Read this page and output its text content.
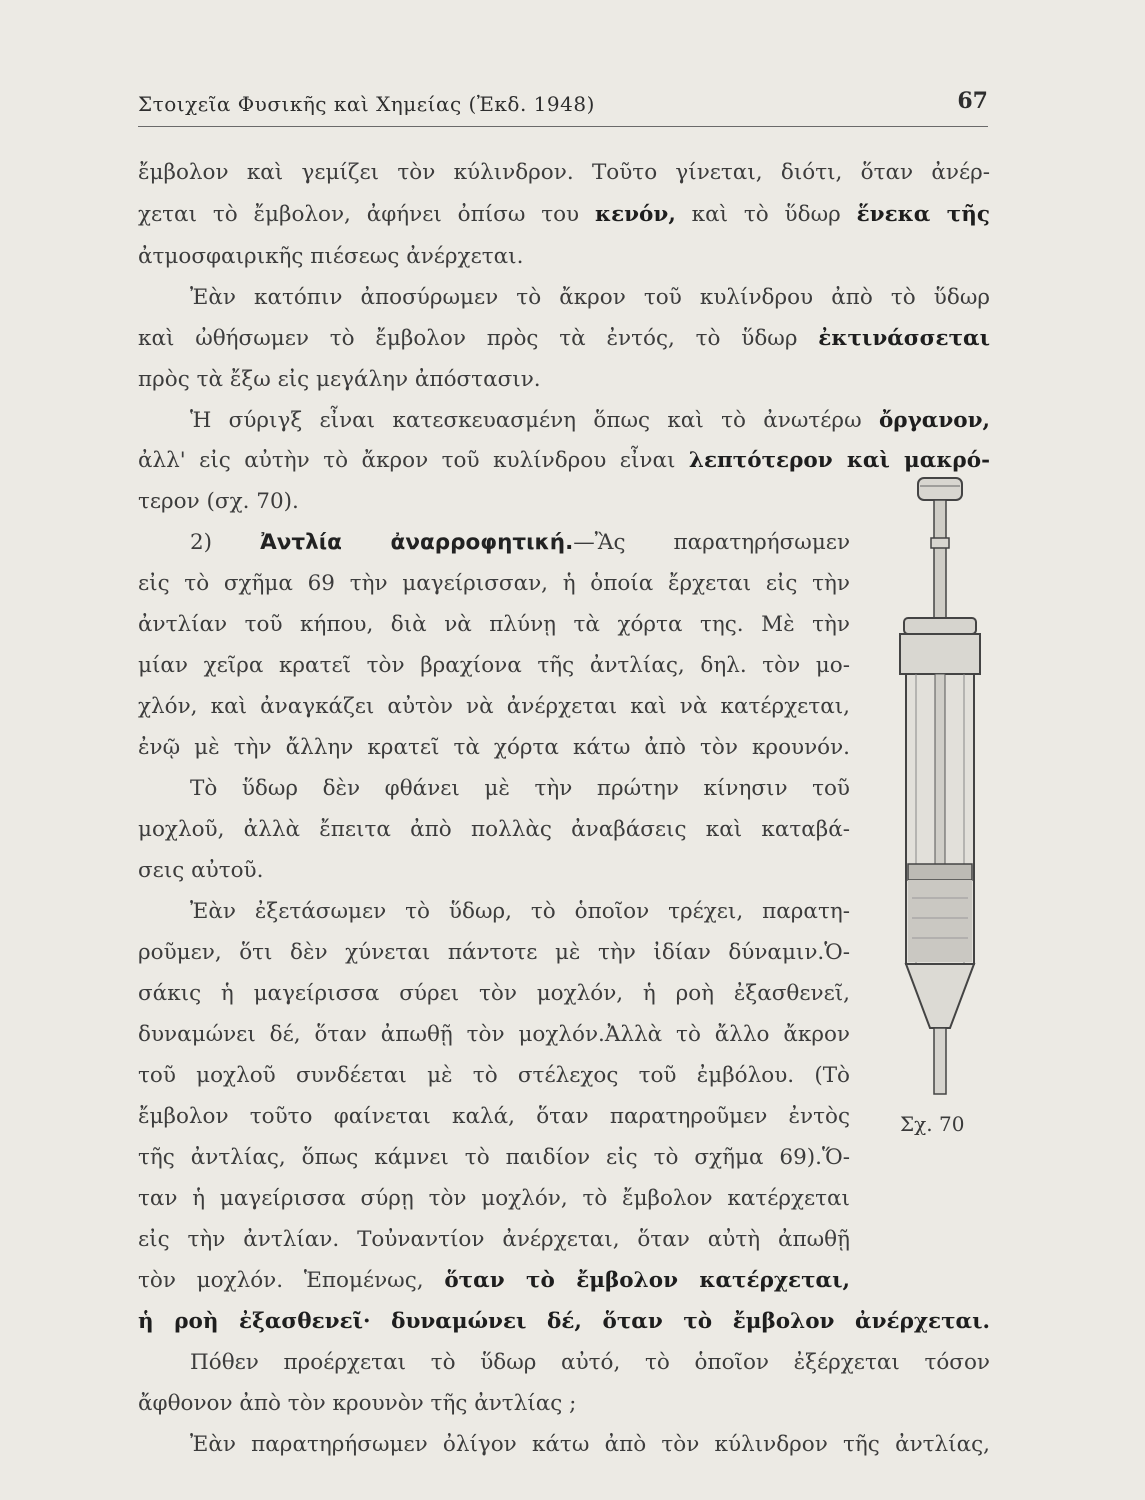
Στοιχεῖα Φυσικῆς καὶ Χημείας (Ἐκδ. 1948)	67
ἔμβολον καὶ γεμίζει τὸν κύλινδρον. Τοῦτο γίνεται, διότι, ὅταν ἀνέρ-
χεται τὸ ἔμβολον, ἀφήνει ὀπίσω του κενόν, καὶ τὸ ὕδωρ ἕνεκα τῆς
ἀτμοσφαιρικῆς πιέσεως ἀνέρχεται.
Ἐὰν κατόπιν ἀποσύρωμεν τὸ ἄκρον τοῦ κυλίνδρου ἀπὸ τὸ ὕδωρ
καὶ ὠθήσωμεν τὸ ἔμβολον πρὸς τὰ ἐντός, τὸ ὕδωρ ἐκτινάσσεται
πρὸς τὰ ἔξω εἰς μεγάλην ἀπόστασιν.
Ἡ σύριγξ εἶναι κατεσκευασμένη ὅπως καὶ τὸ ἀνωτέρω ὄργανον,
ἀλλ' εἰς αὐτὴν τὸ ἄκρον τοῦ κυλίνδρου εἶναι λεπτότερον καὶ μακρό-
τερον (σχ. 70).
2) Ἀντλία ἀναρροφητική.—Ἂς παρατηρήσωμεν
εἰς τὸ σχῆμα 69 τὴν μαγείρισσαν, ἡ ὁποία ἔρχεται εἰς τὴν
ἀντλίαν τοῦ κήπου, διὰ νὰ πλύνῃ τὰ χόρτα της. Μὲ τὴν
μίαν χεῖρα κρατεῖ τὸν βραχίονα τῆς ἀντλίας, δηλ. τὸν μο-
χλόν, καὶ ἀναγκάζει αὐτὸν νὰ ἀνέρχεται καὶ νὰ κατέρχεται,
ἐνῷ μὲ τὴν ἄλλην κρατεῖ τὰ χόρτα κάτω ἀπὸ τὸν κρουνόν.
Τὸ ὕδωρ δὲν φθάνει μὲ τὴν πρώτην κίνησιν τοῦ
μοχλοῦ, ἀλλὰ ἔπειτα ἀπὸ πολλὰς ἀναβάσεις καὶ καταβά-
σεις αὐτοῦ.
Ἐὰν ἐξετάσωμεν τὸ ὕδωρ, τὸ ὁποῖον τρέχει, παρατη-
ροῦμεν, ὅτι δὲν χύνεται πάντοτε μὲ τὴν ἰδίαν δύναμιν.Ὁ-
σάκις ἡ μαγείρισσα σύρει τὸν μοχλόν, ἡ ροὴ ἐξασθενεῖ,
δυναμώνει δέ, ὅταν ἀπωθῇ τὸν μοχλόν.Ἀλλὰ τὸ ἄλλο ἄκρον
τοῦ μοχλοῦ συνδέεται μὲ τὸ στέλεχος τοῦ ἐμβόλου. (Τὸ
ἔμβολον τοῦτο φαίνεται καλά, ὅταν παρατηροῦμεν ἐντὸς
τῆς ἀντλίας, ὅπως κάμνει τὸ παιδίον εἰς τὸ σχῆμα 69).Ὅ-
ταν ἡ μαγείρισσα σύρῃ τὸν μοχλόν, τὸ ἔμβολον κατέρχεται
εἰς τὴν ἀντλίαν. Τοὐναντίον ἀνέρχεται, ὅταν αὐτὴ ἀπωθῇ
τὸν μοχλόν. Ἑπομένως, ὅταν τὸ ἔμβολον κατέρχεται,
ἡ ροὴ ἐξασθενεῖ· δυναμώνει δέ, ὅταν τὸ ἔμβολον ἀνέρχεται.
Πόθεν προέρχεται τὸ ὕδωρ αὐτό, τὸ ὁποῖον ἐξέρχεται τόσον
ἄφθονον ἀπὸ τὸν κρουνὸν τῆς ἀντλίας ;
Ἐὰν παρατηρήσωμεν ὀλίγον κάτω ἀπὸ τὸν κύλινδρον τῆς ἀντλίας,
Σχ. 70
